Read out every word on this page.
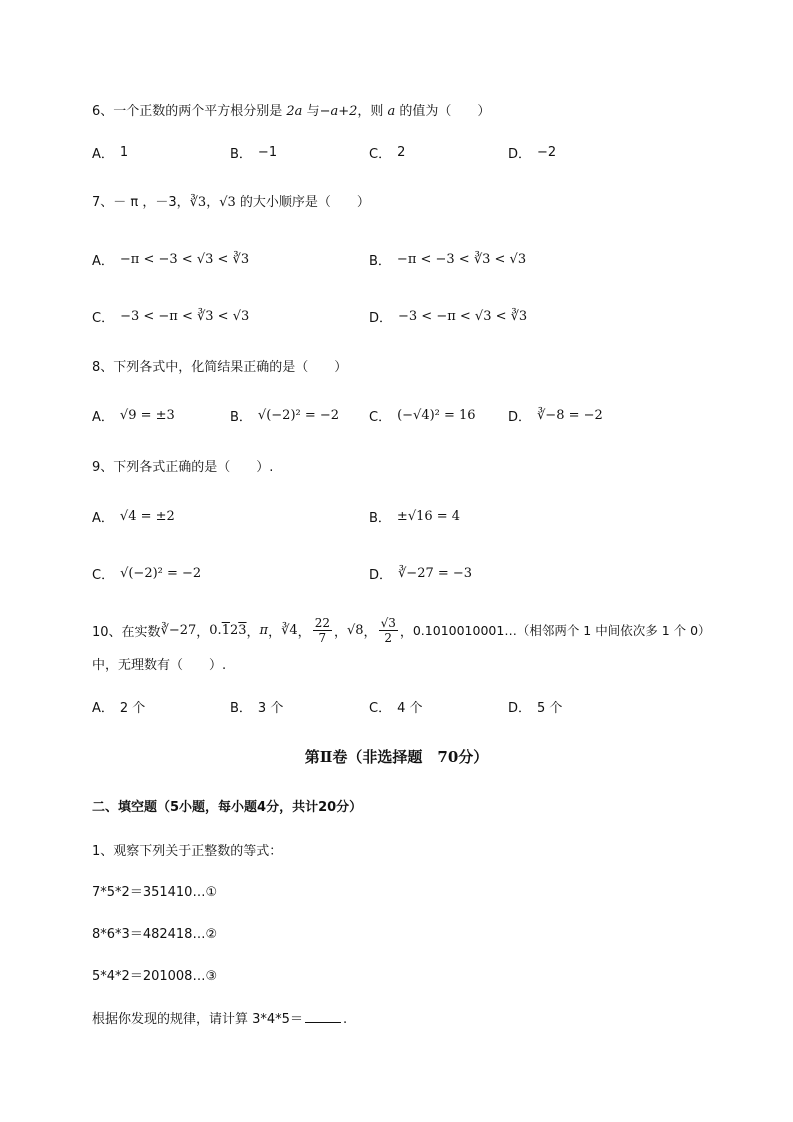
6、一个正数的两个平方根分别是 2a 与−a+2，则 a 的值为（　　）
A． 1	B． −1	C． 2	D． −2
7、－ π ，－3，∛3，√3 的大小顺序是（　　）
A． −π < −3 < √3 < ∛3	B． −π < −3 < ∛3 < √3
C． −3 < −π < ∛3 < √3	D． −3 < −π < √3 < ∛3
8、下列各式中，化简结果正确的是（　　）
A． √9 = ±3	B． √(−2)² = −2 C． (−√4)² = 16 D． ∛−8 = −2
9、下列各式正确的是（　　）.
A． √4 = ±2	B． ±√16 = 4
C． √(−2)² = −2	D． ∛−27 = −3
10、在实数 ∛−27 ， 0.123 ， π ， ∛4 ， $\frac{22}{7}$ ， √8 ， $\frac{√3}{2}$ ， 0.1010010001…（相邻两个 1 中间依次多 1 个 0）
中，无理数有（　　）.
A． 2 个	B． 3 个	C． 4 个	D． 5 个
第Ⅱ卷（非选择题　70分）
二、填空题（5小题，每小题4分，共计20分）
1、观察下列关于正整数的等式：
7*5*2＝351410…①
8*6*3＝482418…②
5*4*2＝201008…③
根据你发现的规律，请计算 3*4*5＝	.
